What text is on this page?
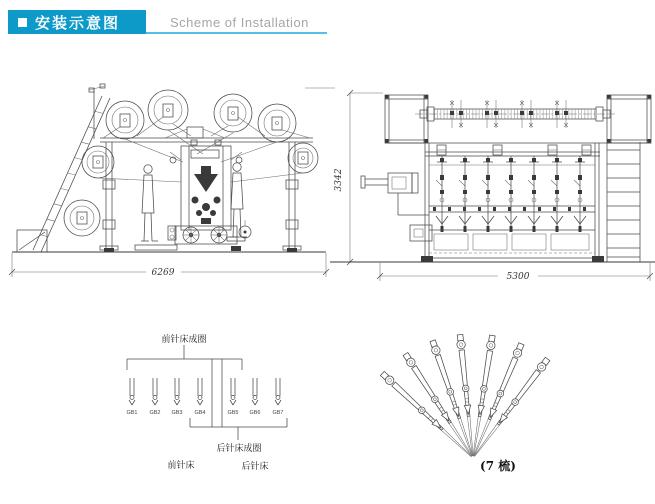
安装示意图	Scheme of Installation
6269
3342
5300
前针床成圈
GB1 GB2 GB3 GB4	GB5 GB6 GB7
后针床成圈
前针床	后针床	(7 梳)
